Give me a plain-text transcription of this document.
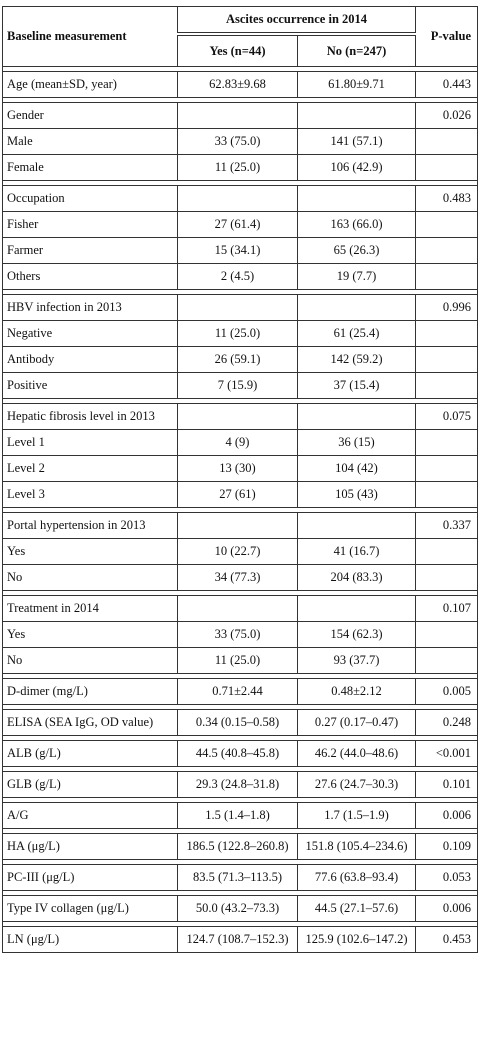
Baseline measurement	Ascites occurrence in 2014		P-value
	Yes (n=44)	No (n=247)	

Age (mean±SD, year)	62.83±9.68	61.80±9.71	0.443

Gender			0.026
Male	33 (75.0)	141 (57.1)	
Female	11 (25.0)	106 (42.9)	

Occupation			0.483
Fisher	27 (61.4)	163 (66.0)	
Farmer	15 (34.1)	65 (26.3)	
Others	2 (4.5)	19 (7.7)	

HBV infection in 2013			0.996
Negative	11 (25.0)	61 (25.4)	
Antibody	26 (59.1)	142 (59.2)	
Positive	7 (15.9)	37 (15.4)	

Hepatic fibrosis level in 2013			0.075
Level 1	4 (9)	36 (15)	
Level 2	13 (30)	104 (42)	
Level 3	27 (61)	105 (43)	

Portal hypertension in 2013			0.337
Yes	10 (22.7)	41 (16.7)	
No	34 (77.3)	204 (83.3)	

Treatment in 2014			0.107
Yes	33 (75.0)	154 (62.3)	
No	11 (25.0)	93 (37.7)	

D-dimer (mg/L)	0.71±2.44	0.48±2.12	0.005

ELISA (SEA IgG, OD value)	0.34 (0.15–0.58)	0.27 (0.17–0.47)	0.248

ALB (g/L)	44.5 (40.8–45.8)	46.2 (44.0–48.6)	<0.001

GLB (g/L)	29.3 (24.8–31.8)	27.6 (24.7–30.3)	0.101

A/G	1.5 (1.4–1.8)	1.7 (1.5–1.9)	0.006

HA (μg/L)	186.5 (122.8–260.8)	151.8 (105.4–234.6)	0.109

PC-III (μg/L)	83.5 (71.3–113.5)	77.6 (63.8–93.4)	0.053

Type IV collagen (μg/L)	50.0 (43.2–73.3)	44.5 (27.1–57.6)	0.006

LN (μg/L)	124.7 (108.7–152.3)	125.9 (102.6–147.2)	0.453
